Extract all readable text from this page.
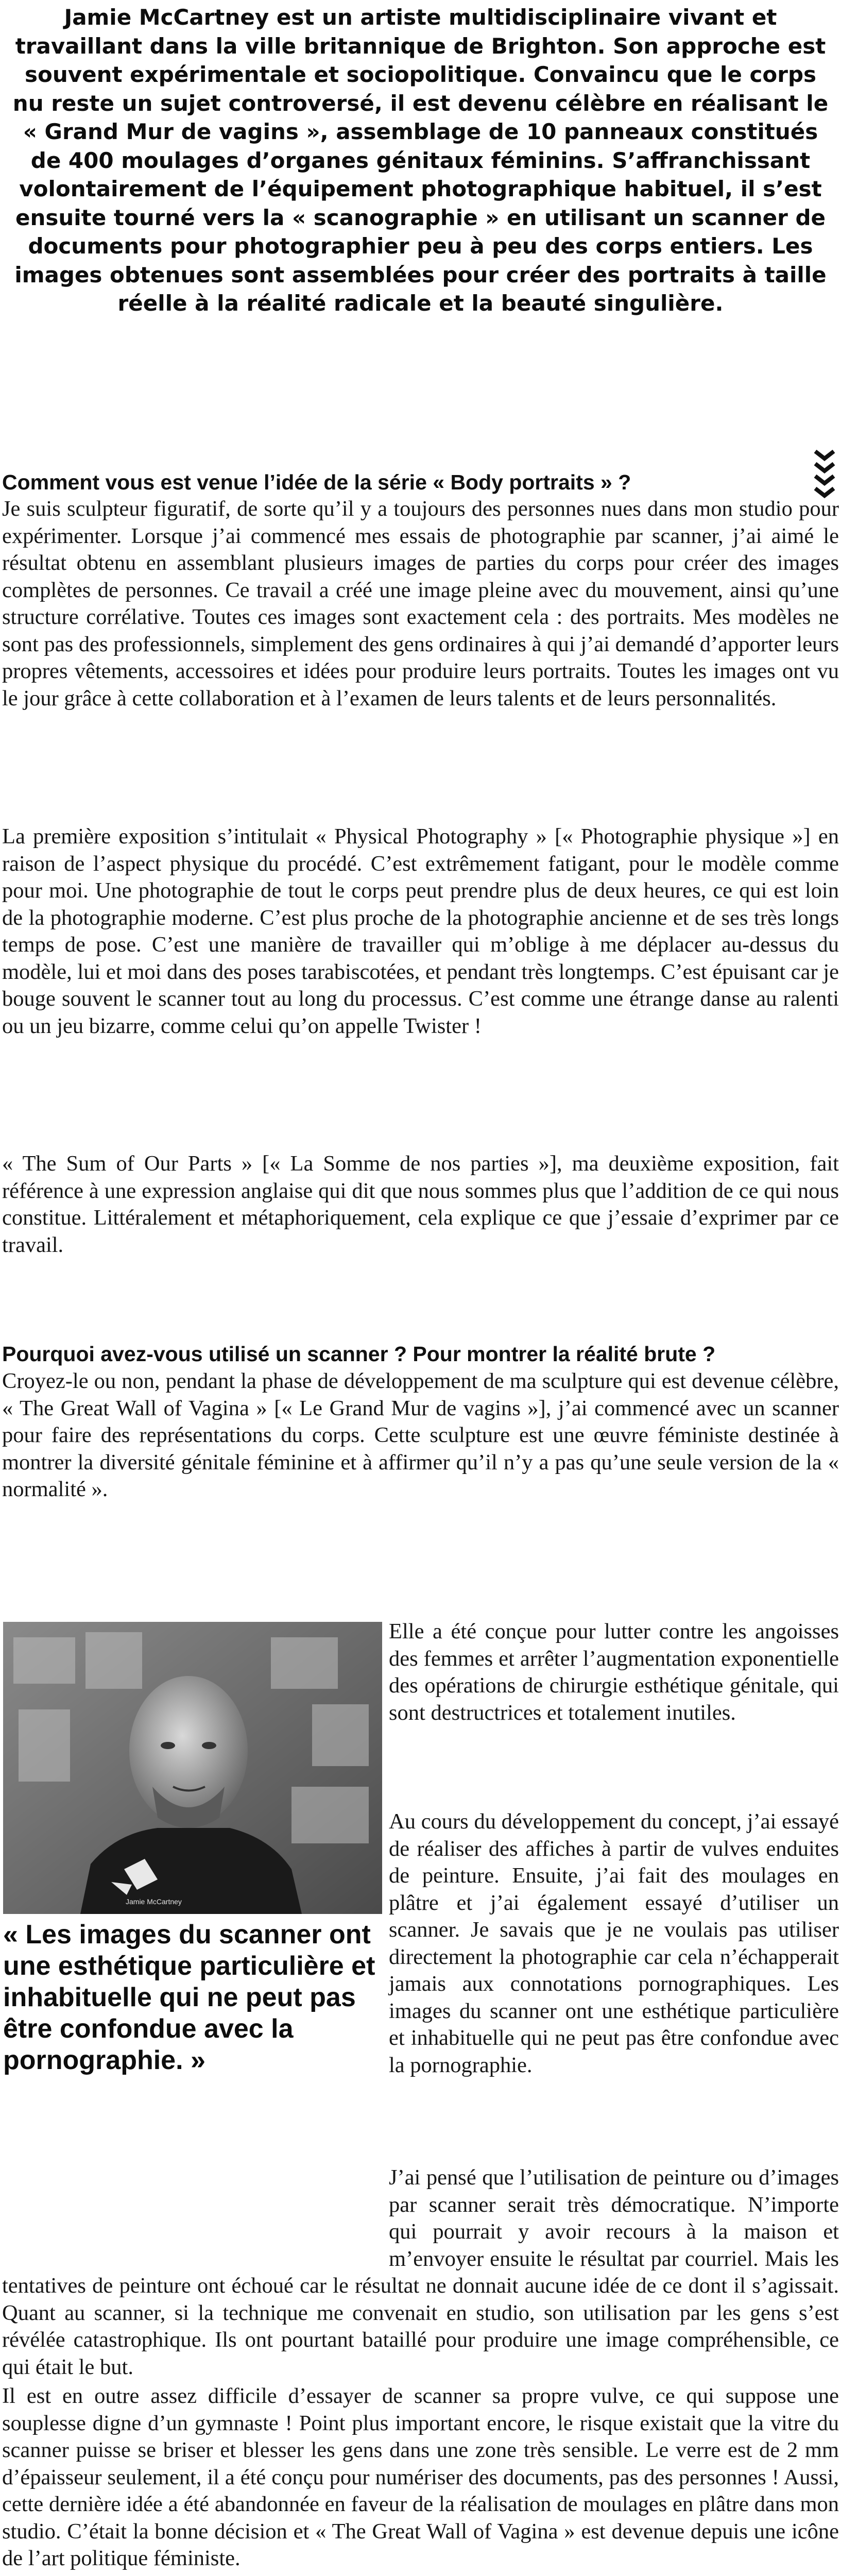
Jamie McCartney est un artiste multidisciplinaire vivant et travaillant dans la ville britannique de Brighton. Son approche est souvent expérimentale et sociopolitique. Convaincu que le corps nu reste un sujet controversé, il est devenu célèbre en réalisant le « Grand Mur de vagins », assemblage de 10 panneaux constitués de 400 moulages d’organes génitaux féminins. S’affranchissant volontairement de l’équipement photographique habituel, il s’est ensuite tourné vers la « scanographie » en utilisant un scanner de documents pour photographier peu à peu des corps entiers. Les images obtenues sont assemblées pour créer des portraits à taille réelle à la réalité radicale et la beauté singulière.

Comment vous est venue l’idée de la série « Body portraits » ?

Je suis sculpteur figuratif, de sorte qu’il y a toujours des personnes nues dans mon studio pour expérimenter. Lorsque j’ai commencé mes essais de photographie par scanner, j’ai aimé le résultat obtenu en assemblant plusieurs images de parties du corps pour créer des images complètes de personnes. Ce travail a créé une image pleine avec du mouvement, ainsi qu’une structure corrélative. Toutes ces images sont exactement cela : des portraits. Mes modèles ne sont pas des professionnels, simplement des gens ordinaires à qui j’ai demandé d’apporter leurs propres vêtements, accessoires et idées pour produire leurs portraits. Toutes les images ont vu le jour grâce à cette collaboration et à l’examen de leurs talents et de leurs personnalités.

La première exposition s’intitulait « Physical Photography » [« Photographie physique »] en raison de l’aspect physique du procédé. C’est extrêmement fatigant, pour le modèle comme pour moi. Une photographie de tout le corps peut prendre plus de deux heures, ce qui est loin de la photographie moderne. C’est plus proche de la photographie ancienne et de ses très longs temps de pose. C’est une manière de travailler qui m’oblige à me déplacer au-dessus du modèle, lui et moi dans des poses tarabiscotées, et pendant très longtemps. C’est épuisant car je bouge souvent le scanner tout au long du processus. C’est comme une étrange danse au ralenti ou un jeu bizarre, comme celui qu’on appelle Twister !

« The Sum of Our Parts » [« La Somme de nos parties »], ma deuxième exposition, fait référence à une expression anglaise qui dit que nous sommes plus que l’addition de ce qui nous constitue. Littéralement et métaphoriquement, cela explique ce que j’essaie d’exprimer par ce travail.

Pourquoi avez-vous utilisé un scanner ? Pour montrer la réalité brute ?

Croyez-le ou non, pendant la phase de développement de ma sculpture qui est devenue célèbre, « The Great Wall of Vagina » [« Le Grand Mur de vagins »], j’ai commencé avec un scanner pour faire des représentations du corps. Cette sculpture est une œuvre féministe destinée à montrer la diversité génitale féminine et à affirmer qu’il n’y a pas qu’une seule version de la « normalité ».

Jamie McCartney

« Les images du scanner ont une esthétique particulière et inhabituelle qui ne peut pas être confondue avec la pornographie. »

Elle a été conçue pour lutter contre les angoisses des femmes et arrêter l’augmentation exponentielle des opérations de chirurgie esthétique génitale, qui sont destructrices et totalement inutiles.

Au cours du développement du concept, j’ai essayé de réaliser des affiches à partir de vulves enduites de peinture. Ensuite, j’ai fait des moulages en plâtre et j’ai également essayé d’utiliser un scanner. Je savais que je ne voulais pas utiliser directement la photographie car cela n’échapperait jamais aux connotations pornographiques. Les images du scanner ont une esthétique particulière et inhabituelle qui ne peut pas être confondue avec la pornographie.

J’ai pensé que l’utilisation de peinture ou d’images par scanner serait très démocratique. N’importe qui pourrait y avoir recours à la maison et m’envoyer ensuite le résultat par courriel. Mais les tentatives de peinture ont échoué car le résultat ne donnait aucune idée de ce dont il s’agissait. Quant au scanner, si la technique me convenait en studio, son utilisation par les gens s’est révélée catastrophique. Ils ont pourtant bataillé pour produire une image compréhensible, ce qui était le but.

Il est en outre assez difficile d’essayer de scanner sa propre vulve, ce qui suppose une souplesse digne d’un gymnaste ! Point plus important encore, le risque existait que la vitre du scanner puisse se briser et blesser les gens dans une zone très sensible. Le verre est de 2 mm d’épaisseur seulement, il a été conçu pour numériser des documents, pas des personnes ! Aussi, cette dernière idée a été abandonnée en faveur de la réalisation de moulages en plâtre dans mon studio. C’était la bonne décision et « The Great Wall of Vagina » est devenue depuis une icône de l’art politique féministe.
